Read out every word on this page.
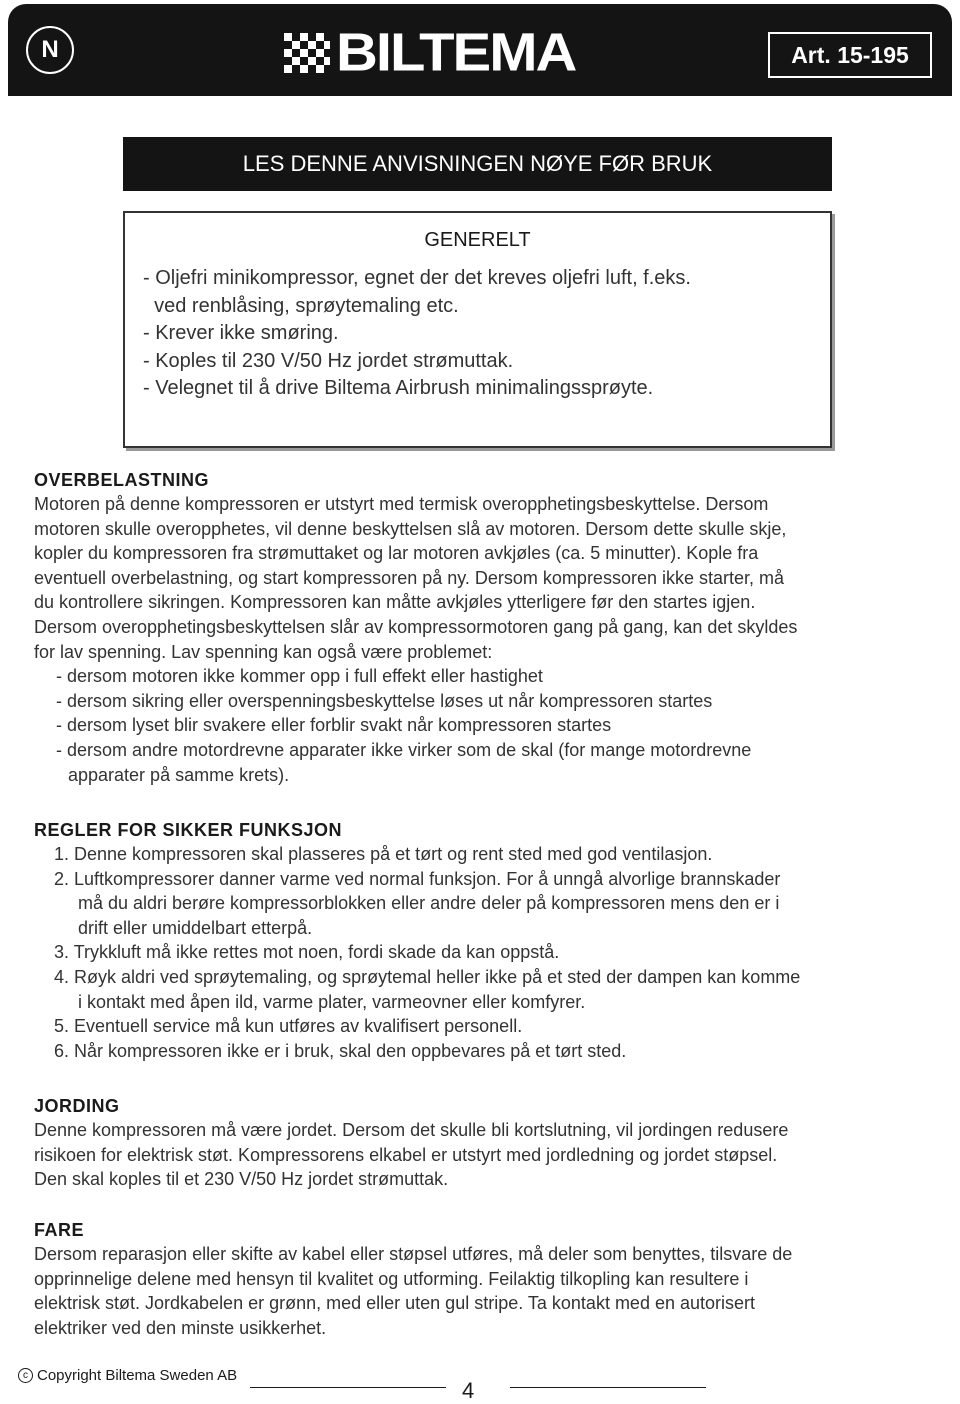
N	BILTEMA	Art. 15-195
LES DENNE ANVISNINGEN NØYE FØR BRUK
GENERELT
- Oljefri minikompressor, egnet der det kreves oljefri luft, f.eks.
ved renblåsing, sprøytemaling etc.
- Krever ikke smøring.
- Koples til 230 V/50 Hz jordet strømuttak.
- Velegnet til å drive Biltema Airbrush minimalingssprøyte.
OVERBELASTNING
Motoren på denne kompressoren er utstyrt med termisk overopphetingsbeskyttelse. Dersom
motoren skulle overopphetes, vil denne beskyttelsen slå av motoren. Dersom dette skulle skje,
kopler du kompressoren fra strømuttaket og lar motoren avkjøles (ca. 5 minutter). Kople fra
eventuell overbelastning, og start kompressoren på ny. Dersom kompressoren ikke starter, må
du kontrollere sikringen. Kompressoren kan måtte avkjøles ytterligere før den startes igjen.
Dersom overopphetingsbeskyttelsen slår av kompressormotoren gang på gang, kan det skyldes
for lav spenning. Lav spenning kan også være problemet:
- dersom motoren ikke kommer opp i full effekt eller hastighet
- dersom sikring eller overspenningsbeskyttelse løses ut når kompressoren startes
- dersom lyset blir svakere eller forblir svakt når kompressoren startes
- dersom andre motordrevne apparater ikke virker som de skal (for mange motordrevne
apparater på samme krets).
REGLER FOR SIKKER FUNKSJON
1. Denne kompressoren skal plasseres på et tørt og rent sted med god ventilasjon.
2. Luftkompressorer danner varme ved normal funksjon. For å unngå alvorlige brannskader
må du aldri berøre kompressorblokken eller andre deler på kompressoren mens den er i
drift eller umiddelbart etterpå.
3. Trykkluft må ikke rettes mot noen, fordi skade da kan oppstå.
4. Røyk aldri ved sprøytemaling, og sprøytemal heller ikke på et sted der dampen kan komme
i kontakt med åpen ild, varme plater, varmeovner eller komfyrer.
5. Eventuell service må kun utføres av kvalifisert personell.
6. Når kompressoren ikke er i bruk, skal den oppbevares på et tørt sted.
JORDING
Denne kompressoren må være jordet. Dersom det skulle bli kortslutning, vil jordingen redusere
risikoen for elektrisk støt. Kompressorens elkabel er utstyrt med jordledning og jordet støpsel.
Den skal koples til et 230 V/50 Hz jordet strømuttak.
FARE
Dersom reparasjon eller skifte av kabel eller støpsel utføres, må deler som benyttes, tilsvare de
opprinnelige delene med hensyn til kvalitet og utforming. Feilaktig tilkopling kan resultere i
elektrisk støt. Jordkabelen er grønn, med eller uten gul stripe. Ta kontakt med en autorisert
elektriker ved den minste usikkerhet.
c Copyright Biltema Sweden AB
4
